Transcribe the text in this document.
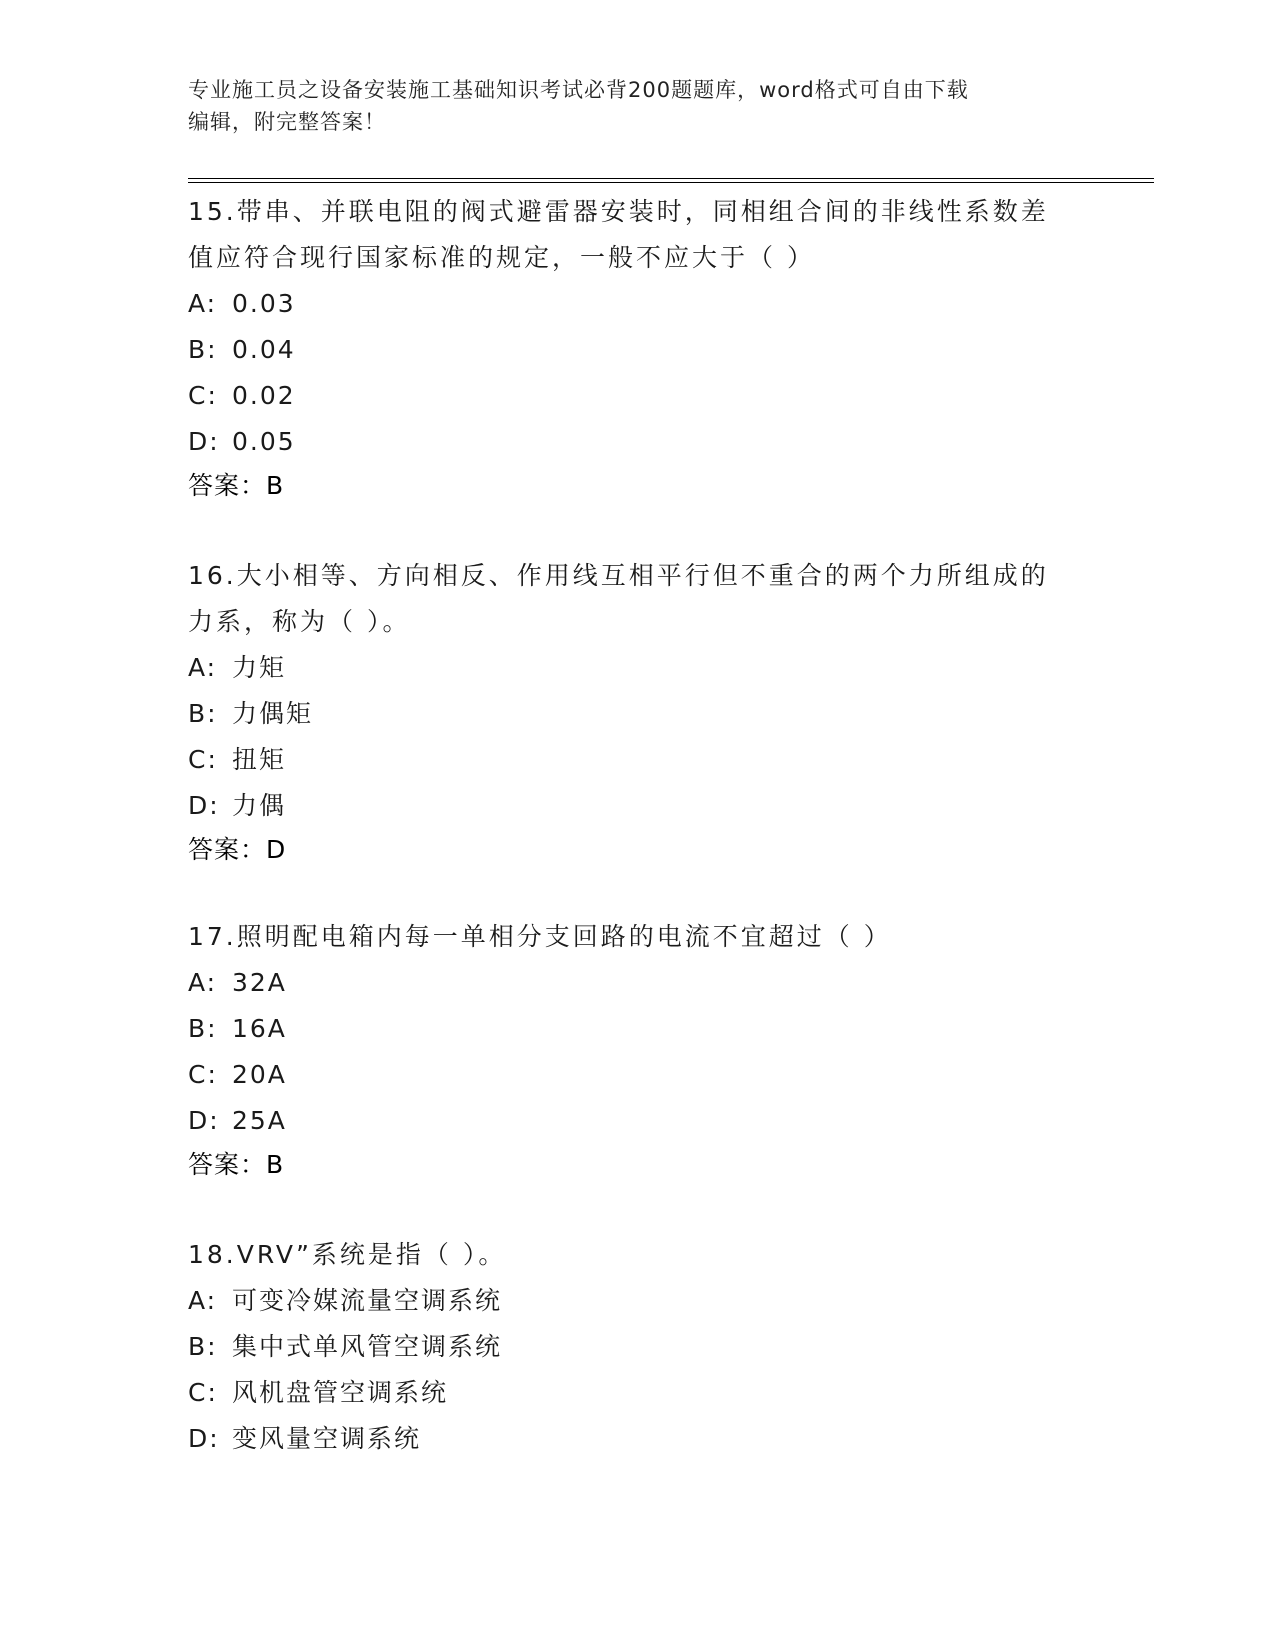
专业施工员之设备安装施工基础知识考试必背200题题库，word格式可自由下载
编辑，附完整答案！
15.带串、并联电阻的阀式避雷器安装时，同相组合间的非线性系数差
值应符合现行国家标准的规定，一般不应大于（ ）
A: 0.03
B: 0.04
C: 0.02
D: 0.05
答案：B
16.大小相等、方向相反、作用线互相平行但不重合的两个力所组成的
力系，称为（ ）。
A: 力矩
B: 力偶矩
C: 扭矩
D: 力偶
答案：D
17.照明配电箱内每一单相分支回路的电流不宜超过（ ）
A: 32A
B: 16A
C: 20A
D: 25A
答案：B
18.VRV”系统是指（ ）。
A: 可变冷媒流量空调系统
B: 集中式单风管空调系统
C: 风机盘管空调系统
D: 变风量空调系统
